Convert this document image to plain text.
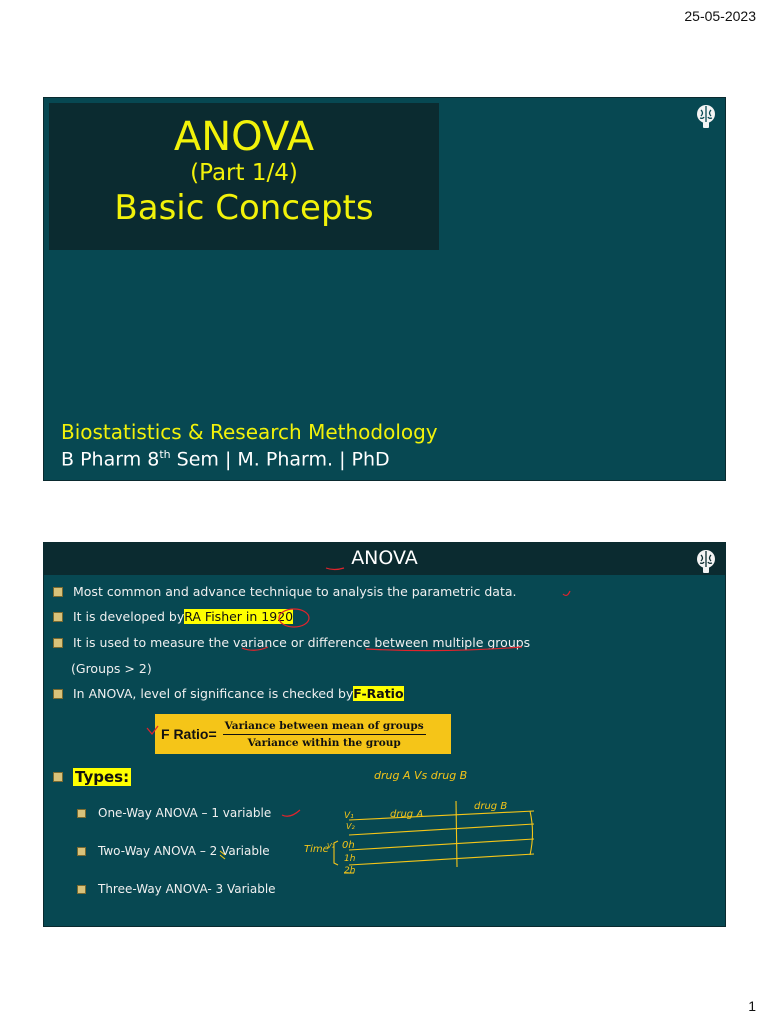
25-05-2023
ANOVA
(Part 1/4)
Basic Concepts
Biostatistics & Research Methodology
B Pharm 8th Sem | M. Pharm. | PhD
ANOVA
Most common and advance technique to analysis the parametric data.
It is developed by RA Fisher in 1920
It is used to measure the variance or difference between multiple groups
(Groups > 2)
In ANOVA, level of significance is checked by F-Ratio
F Ratio= $\frac{\text{Variance between mean of groups}}{\text{Variance within the group}}$
Types:
One-Way ANOVA – 1 variable
Two-Way ANOVA – 2 Variable
Three-Way ANOVA- 3 Variable
drug A Vs drug B
V₁
V₂
V₃
drug A
drug B
Time 0h
1h
2h
1
